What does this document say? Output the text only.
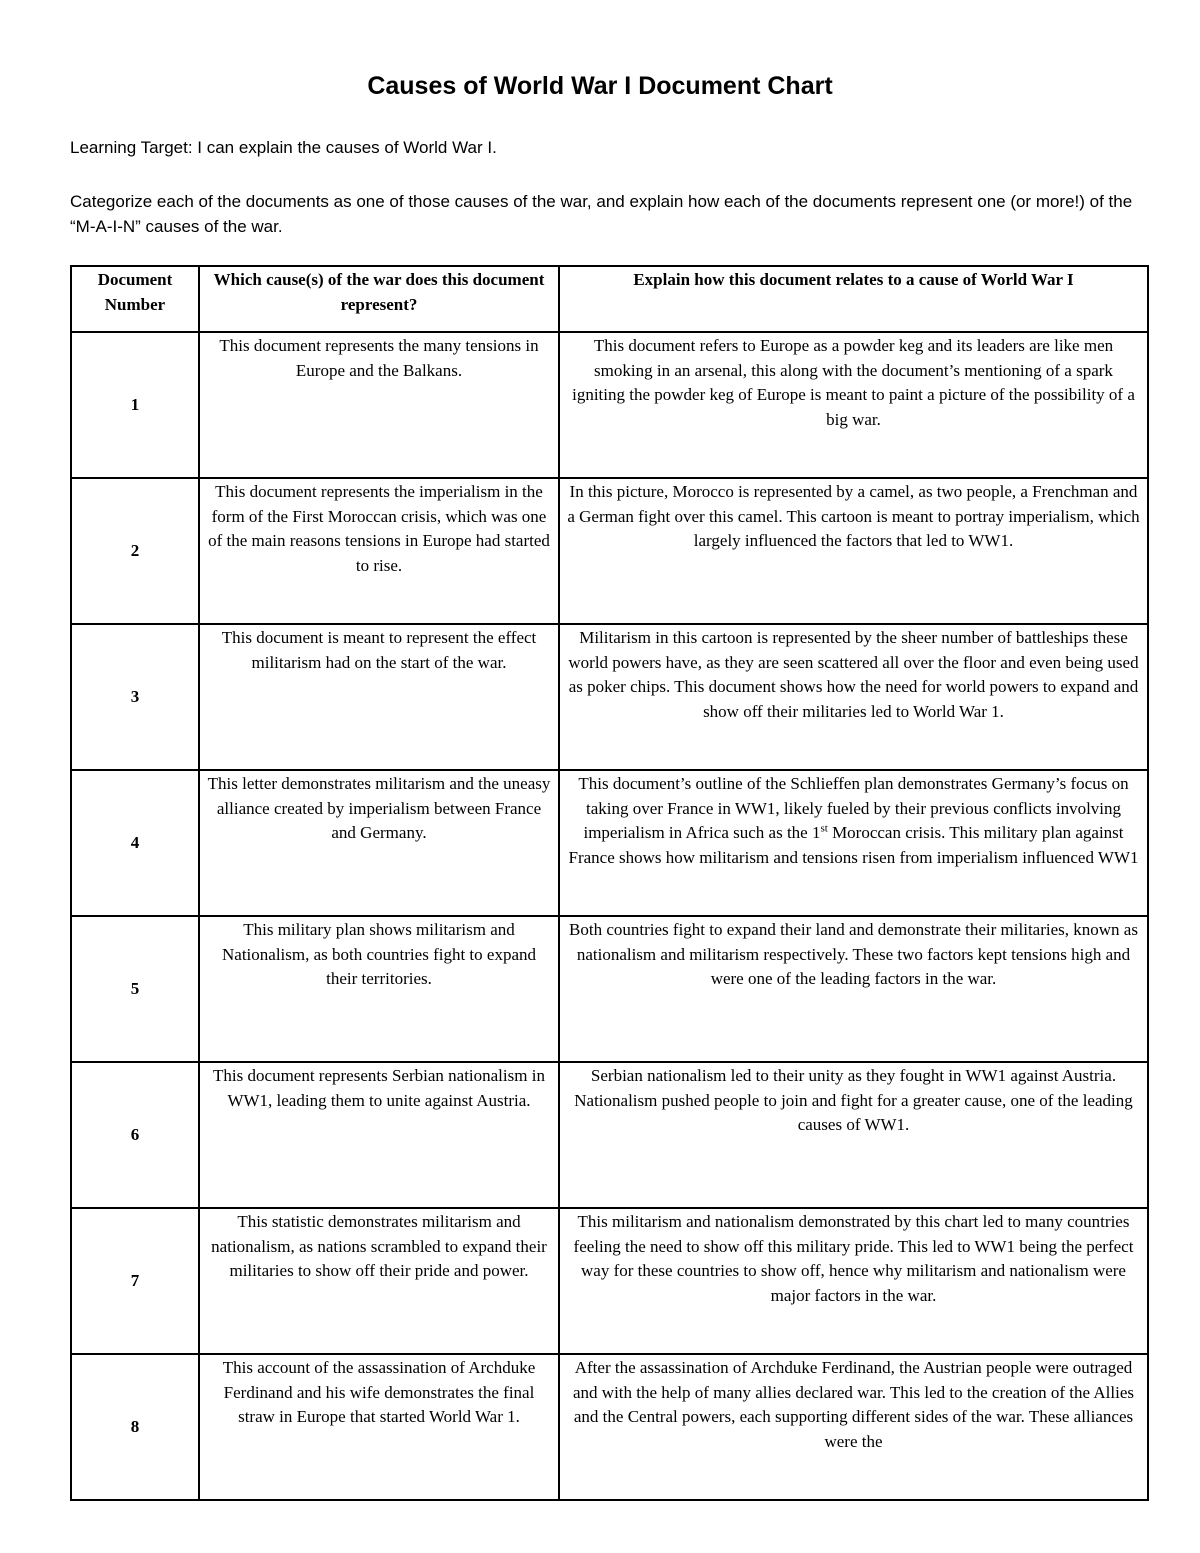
Causes of World War I Document Chart

Learning Target: I can explain the causes of World War I.

Categorize each of the documents as one of those causes of the war, and explain how each of the documents represent one (or more!) of the “M-A-I-N” causes of the war.

Document Number	Which cause(s) of the war does this document represent?	Explain how this document relates to a cause of World War I
1	This document represents the many tensions in Europe and the Balkans.	This document refers to Europe as a powder keg and its leaders are like men smoking in an arsenal, this along with the document’s mentioning of a spark igniting the powder keg of Europe is meant to paint a picture of the possibility of a big war.
2	This document represents the imperialism in the form of the First Moroccan crisis, which was one of the main reasons tensions in Europe had started to rise.	In this picture, Morocco is represented by a camel, as two people, a Frenchman and a German fight over this camel. This cartoon is meant to portray imperialism, which largely influenced the factors that led to WW1.
3	This document is meant to represent the effect militarism had on the start of the war.	Militarism in this cartoon is represented by the sheer number of battleships these world powers have, as they are seen scattered all over the floor and even being used as poker chips. This document shows how the need for world powers to expand and show off their militaries led to World War 1.
4	This letter demonstrates militarism and the uneasy alliance created by imperialism between France and Germany.	This document’s outline of the Schlieffen plan demonstrates Germany’s focus on taking over France in WW1, likely fueled by their previous conflicts involving imperialism in Africa such as the 1st Moroccan crisis. This military plan against France shows how militarism and tensions risen from imperialism influenced WW1
5	This military plan shows militarism and Nationalism, as both countries fight to expand their territories.	Both countries fight to expand their land and demonstrate their militaries, known as nationalism and militarism respectively. These two factors kept tensions high and were one of the leading factors in the war.
6	This document represents Serbian nationalism in WW1, leading them to unite against Austria.	Serbian nationalism led to their unity as they fought in WW1 against Austria. Nationalism pushed people to join and fight for a greater cause, one of the leading causes of WW1.
7	This statistic demonstrates militarism and nationalism, as nations scrambled to expand their militaries to show off their pride and power.	This militarism and nationalism demonstrated by this chart led to many countries feeling the need to show off this military pride. This led to WW1 being the perfect way for these countries to show off, hence why militarism and nationalism were major factors in the war.
8	This account of the assassination of Archduke Ferdinand and his wife demonstrates the final straw in Europe that started World War 1.	After the assassination of Archduke Ferdinand, the Austrian people were outraged and with the help of many allies declared war. This led to the creation of the Allies and the Central powers, each supporting different sides of the war. These alliances were the
